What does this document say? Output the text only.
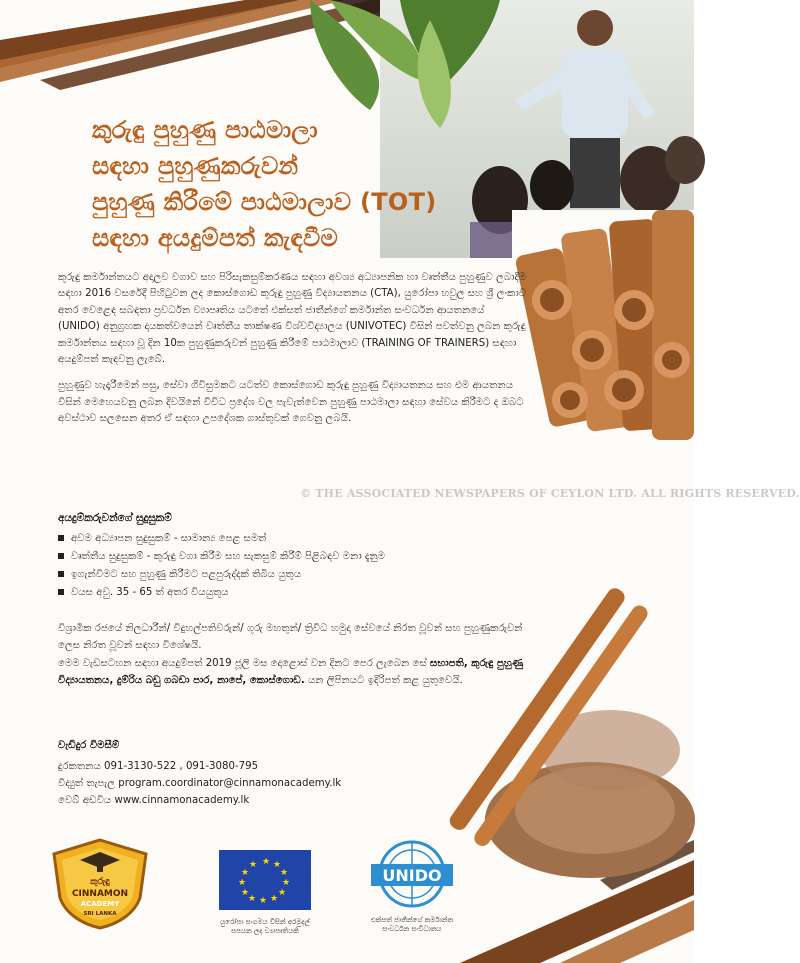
කුරුඳු පුහුණු පාඨමාලා
සඳහා පුහුණුකරුවන්
පුහුණු කිරීමේ පාඨමාලාව (TOT)
සඳහා අයදුම්පත් කැඳවීම

කුරුඳු කර්මාන්තයට අදාලව වගාව සහ පිරිසැකසුම්කරණය සඳහා අවශ්‍ය අධ්‍යාපනික හා වෘත්තීය පුහුණුව ලබාදීම සඳහා 2016 වසරේදී පිහිටුවන ලද කොස්ගොඩ කුරුඳු පුහුණු විද්‍යායතනය (CTA), යුරෝපා හවුල සහ ශ්‍රී ලංකාව අතර වෙළෙඳ සබඳතා ප්‍රවර්ධන ව්‍යාපෘතිය යටතේ එක්සත් ජාතීන්ගේ කර්මාන්ත සංවර්ධන ආයතනයේ (UNIDO) අනුග්‍රහක දායකත්වයෙන් වෘත්තීය තාක්ෂණ විශ්වවිද්‍යාලය (UNIVOTEC) විසින් පවත්වනු ලබන කුරුඳු කර්මාන්තය සඳහා වූ දින 10ක පුහුණුකරුවන් පුහුණු කිරීමේ පාඨමාලාව (TRAINING OF TRAINERS) සඳහා අයදුම්පත් කැඳවනු ලැබේ.

පුහුණුව හැදෑරීමෙන් පසු, සේවා ගිවිසුමකට යටත්ව කොස්ගොඩ කුරුඳු පුහුණු විද්‍යායතනය සහ එම ආයතනය විසින් මෙහෙයවනු ලබන දිවයිනේ විවිධ ප්‍රදේශ වල පැවැත්වෙන පුහුණු පාඨමාලා සඳහා සේවය කිරීමට ද ඔබට අවස්ථාව සලසෙන අතර ඒ සඳහා උපදේශක ගාස්තුවක් ගෙවනු ලබයි.

© THE ASSOCIATED NEWSPAPERS OF CEYLON LTD. ALL RIGHTS RESERVED.
අයදුම්කරුවන්ගේ සුදුසුකම්
අවම අධ්‍යාපන සුදුසුකම් - සාමාන්‍ය පෙළ සමත්
වෘත්තීය සුදුසුකම් - කුරුඳු වගා කිරීම සහ සැකසුම් කිරීම් පිළිබඳව මනා දැනුම
ඉගැන්වීමට සහ පුහුණු කිරීමට පළපුරුද්දක් තිබිය යුතුය
වයස අවු. 35 - 65 ත් අතර වියයුතුය

විශ්‍රාමික රජයේ නිලධාරීන්/ විදුහල්පතිවරුන්/ ගුරු මහතුන්/ ත්‍රිවිධ හමුදා සේවයේ නිරත වූවන් සහ පුහුණුකරුවන් ලෙස නිරත වූවන් සඳහා විශේෂයි.

මෙම වැඩසටහන සඳහා අයදුම්පත් 2019 ජූලි මස දොළොස් වන දිනට පෙර ලැබෙන සේ සභාපති, කුරුඳු පුහුණු විද්‍යායතනය, දුම්රිය බඩු ගබඩා පාර, නාපේ, කොස්ගොඩ. යන ලිපිනයට ඉදිරිපත් කළ යුතුවෙයි.

වැඩිදුර විමසීම්
දුරකතනය 091-3130-522 , 091-3080-795
විද්‍යුත් තැපැල program.coordinator@cinnamonacademy.lk
වෙබ් අඩවිය www.cinnamonacademy.lk
කුරුඳු
CINNAMON
ACADEMY
SRI LANKA
★ ★
★
★
★
★
★
★
★
★
★
★
යුරෝපා සංගමය විසින් අරමුදල් සපයන ලද ව්‍යාපෘතියකි
UNIDO
එක්සත් ජාතීන්ගේ කර්මාන්ත සංවර්ධන සංවිධානය
